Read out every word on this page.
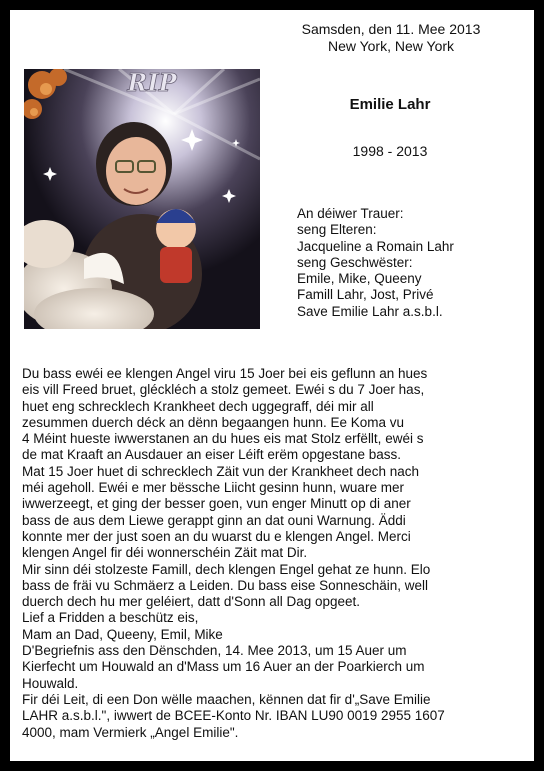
Samsden, den 11. Mee 2013
New York, New York
RIP
Emilie Lahr
1998 - 2013
An déiwer Trauer:
seng Elteren:
Jacqueline a Romain Lahr
seng Geschwëster:
Emile, Mike, Queeny
Famill Lahr, Jost, Privé
Save Emilie Lahr a.s.b.l.
Du bass ewéi ee klengen Angel viru 15 Joer bei eis geflunn an hues
eis vill Freed bruet, gléckléch a stolz gemeet. Ewéi s du 7 Joer has,
huet eng schrecklech Krankheet dech uggegraff, déi mir all
zesummen duerch déck an dënn begaangen hunn. Ee Koma vu
4 Méint hueste iwwerstanen an du hues eis mat Stolz erfëllt, ewéi s
de mat Kraaft an Ausdauer an eiser Léift erëm opgestane bass.
Mat 15 Joer huet di schrecklech Zäit vun der Krankheet dech nach
méi ageholl. Ewéi e mer bëssche Liicht gesinn hunn, wuare mer
iwwerzeegt, et ging der besser goen, vun enger Minutt op di aner
bass de aus dem Liewe gerappt ginn an dat ouni Warnung. Äddi
konnte mer der just soen an du wuarst du e klengen Angel. Merci
klengen Angel fir déi wonnerschéin Zäit mat Dir.
Mir sinn déi stolzeste Famill, dech klengen Engel gehat ze hunn. Elo
bass de fräi vu Schmäerz a Leiden. Du bass eise Sonneschäin, well
duerch dech hu mer geléiert, datt d'Sonn all Dag opgeet.
Lief a Fridden a beschütz eis,
Mam an Dad, Queeny, Emil, Mike
D'Begriefnis ass den Dënschden, 14. Mee 2013, um 15 Auer um
Kierfecht um Houwald an d'Mass um 16 Auer an der Poarkierch um
Houwald.
Fir déi Leit, di een Don wëlle maachen, kënnen dat fir d'„Save Emilie
LAHR a.s.b.l.", iwwert de BCEE-Konto Nr. IBAN LU90 0019 2955 1607
4000, mam Vermierk „Angel Emilie".
